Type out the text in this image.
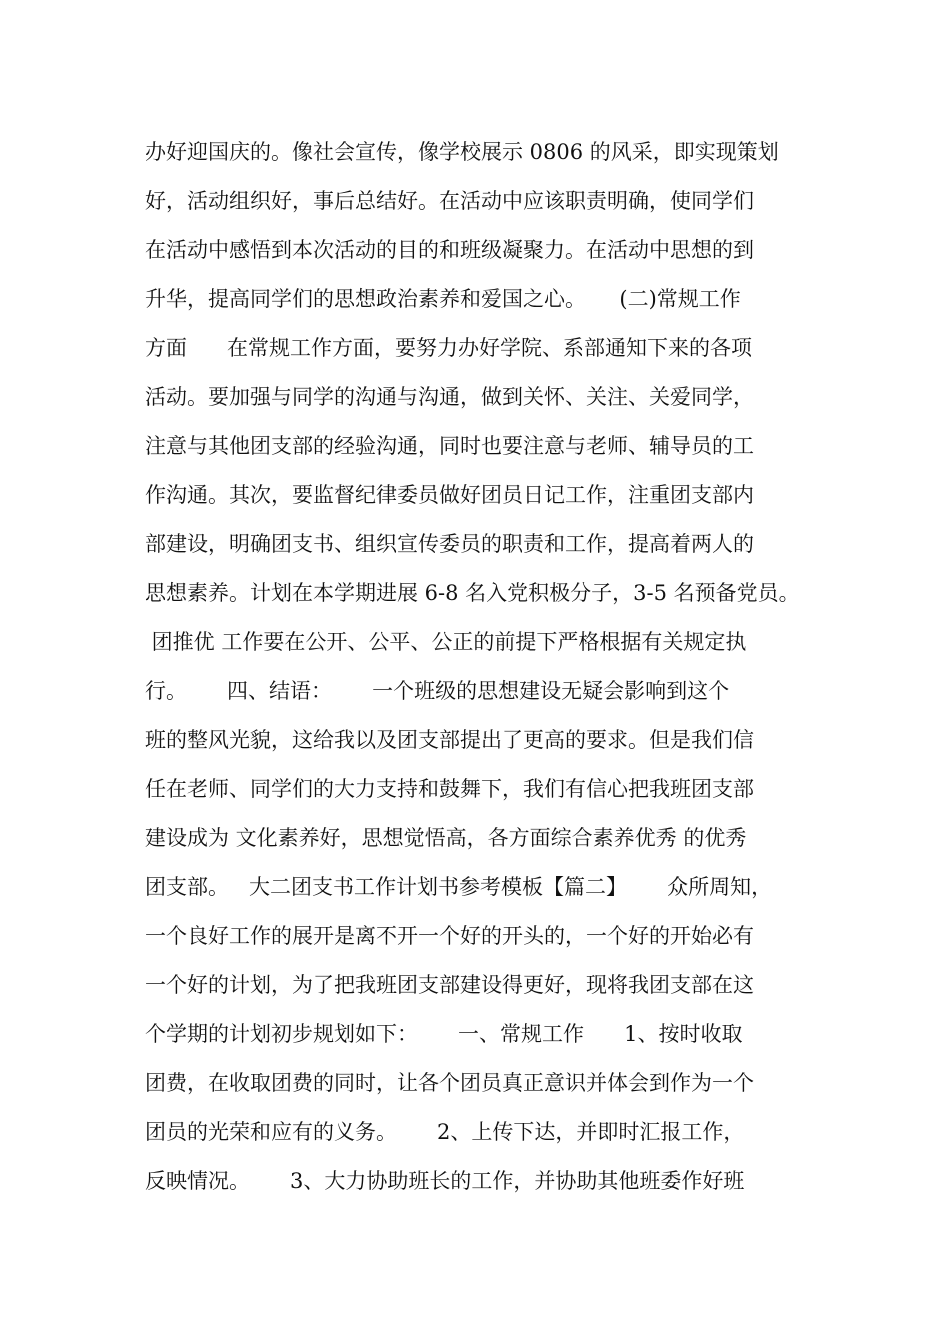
办好迎国庆的。像社会宣传，像学校展示 0806 的风采，即实现策划
好，活动组织好，事后总结好。在活动中应该职责明确，使同学们
在活动中感悟到本次活动的目的和班级凝聚力。在活动中思想的到
升华，提高同学们的思想政治素养和爱国之心。     (二)常规工作
方面      在常规工作方面，要努力办好学院、系部通知下来的各项
活动。要加强与同学的沟通与沟通，做到关怀、关注、关爱同学，
注意与其他团支部的经验沟通，同时也要注意与老师、辅导员的工
作沟通。其次，要监督纪律委员做好团员日记工作，注重团支部内
部建设，明确团支书、组织宣传委员的职责和工作，提高着两人的
思想素养。计划在本学期进展 6-8 名入党积极分子，3-5 名预备党员。
团推优 工作要在公开、公平、公正的前提下严格根据有关规定执
行。      四、结语：      一个班级的思想建设无疑会影响到这个
班的整风光貌，这给我以及团支部提出了更高的要求。但是我们信
任在老师、同学们的大力支持和鼓舞下，我们有信心把我班团支部
建设成为 文化素养好，思想觉悟高，各方面综合素养优秀 的优秀
团支部。   大二团支书工作计划书参考模板【篇二】      众所周知，
一个良好工作的展开是离不开一个好的开头的，一个好的开始必有
一个好的计划，为了把我班团支部建设得更好，现将我团支部在这
个学期的计划初步规划如下：      一、常规工作      1、按时收取
团费，在收取团费的同时，让各个团员真正意识并体会到作为一个
团员的光荣和应有的义务。      2、上传下达，并即时汇报工作，
反映情况。      3、大力协助班长的工作，并协助其他班委作好班
